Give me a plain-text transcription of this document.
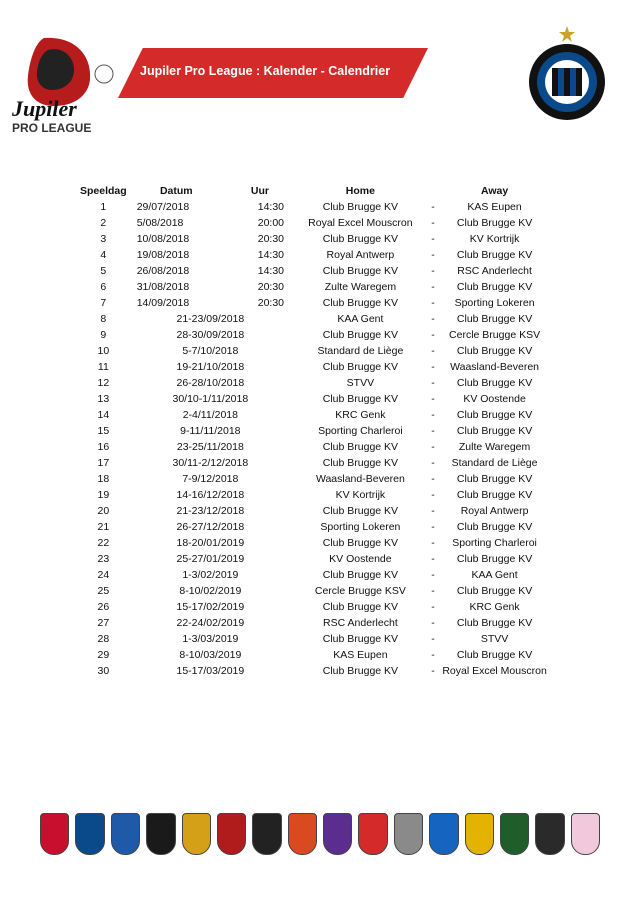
Jupiler
PRO LEAGUE
Jupiler Pro League : Kalender - Calendrier
Speeldag	Datum	Uur	Home		Away
1	29/07/2018	14:30	Club Brugge KV	-	KAS Eupen
2	5/08/2018	20:00	Royal Excel Mouscron	-	Club Brugge KV
3	10/08/2018	20:30	Club Brugge KV	-	KV Kortrijk
4	19/08/2018	14:30	Royal Antwerp	-	Club Brugge KV
5	26/08/2018	14:30	Club Brugge KV	-	RSC Anderlecht
6	31/08/2018	20:30	Zulte Waregem	-	Club Brugge KV
7	14/09/2018	20:30	Club Brugge KV	-	Sporting Lokeren
8	21-23/09/2018		KAA Gent	-	Club Brugge KV
9	28-30/09/2018		Club Brugge KV	-	Cercle Brugge KSV
10	5-7/10/2018		Standard de Liège	-	Club Brugge KV
11	19-21/10/2018		Club Brugge KV	-	Waasland-Beveren
12	26-28/10/2018		STVV	-	Club Brugge KV
13	30/10-1/11/2018		Club Brugge KV	-	KV Oostende
14	2-4/11/2018		KRC Genk	-	Club Brugge KV
15	9-11/11/2018		Sporting Charleroi	-	Club Brugge KV
16	23-25/11/2018		Club Brugge KV	-	Zulte Waregem
17	30/11-2/12/2018		Club Brugge KV	-	Standard de Liège
18	7-9/12/2018		Waasland-Beveren	-	Club Brugge KV
19	14-16/12/2018		KV Kortrijk	-	Club Brugge KV
20	21-23/12/2018		Club Brugge KV	-	Royal Antwerp
21	26-27/12/2018		Sporting Lokeren	-	Club Brugge KV
22	18-20/01/2019		Club Brugge KV	-	Sporting Charleroi
23	25-27/01/2019		KV Oostende	-	Club Brugge KV
24	1-3/02/2019		Club Brugge KV	-	KAA Gent
25	8-10/02/2019		Cercle Brugge KSV	-	Club Brugge KV
26	15-17/02/2019		Club Brugge KV	-	KRC Genk
27	22-24/02/2019		RSC Anderlecht	-	Club Brugge KV
28	1-3/03/2019		Club Brugge KV	-	STVV
29	8-10/03/2019		KAS Eupen	-	Club Brugge KV
30	15-17/03/2019		Club Brugge KV	-	Royal Excel Mouscron
